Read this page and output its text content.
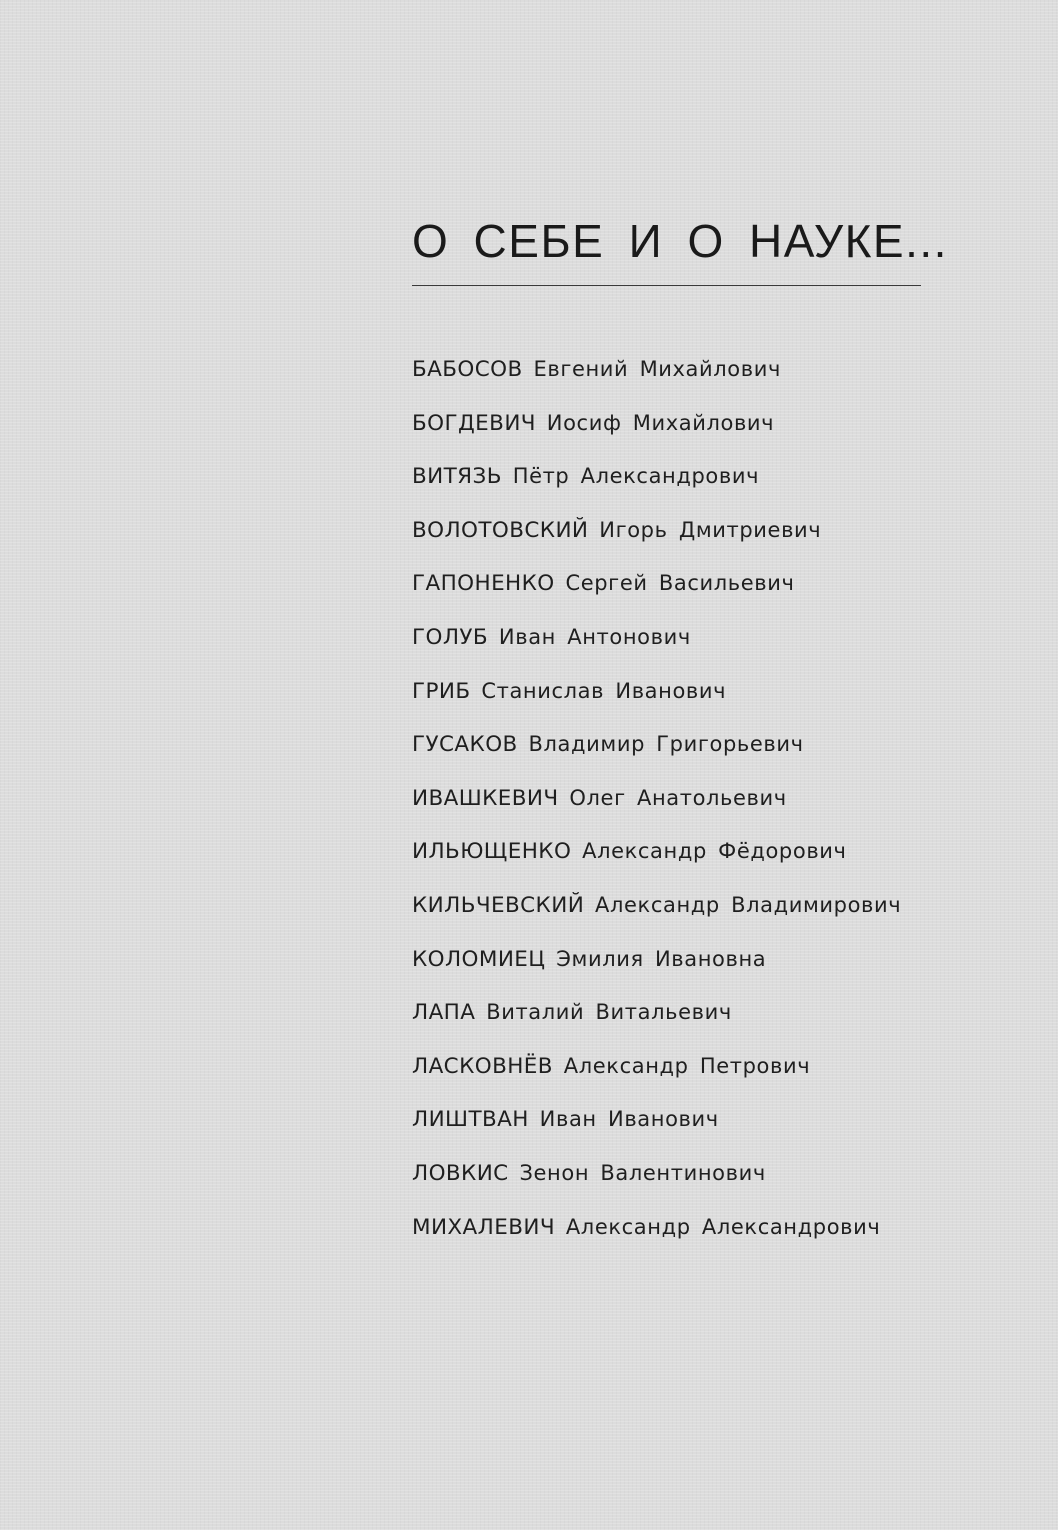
О СЕБЕ И О НАУКЕ...
БАБОСОВ Евгений Михайлович
БОГДЕВИЧ Иосиф Михайлович
ВИТЯЗЬ Пётр Александрович
ВОЛОТОВСКИЙ Игорь Дмитриевич
ГАПОНЕНКО Сергей Васильевич
ГОЛУБ Иван Антонович
ГРИБ Станислав Иванович
ГУСАКОВ Владимир Григорьевич
ИВАШКЕВИЧ Олег Анатольевич
ИЛЬЮЩЕНКО Александр Фёдорович
КИЛЬЧЕВСКИЙ Александр Владимирович
КОЛОМИЕЦ Эмилия Ивановна
ЛАПА Виталий Витальевич
ЛАСКОВНЁВ Александр Петрович
ЛИШТВАН Иван Иванович
ЛОВКИС Зенон Валентинович
МИХАЛЕВИЧ Александр Александрович
